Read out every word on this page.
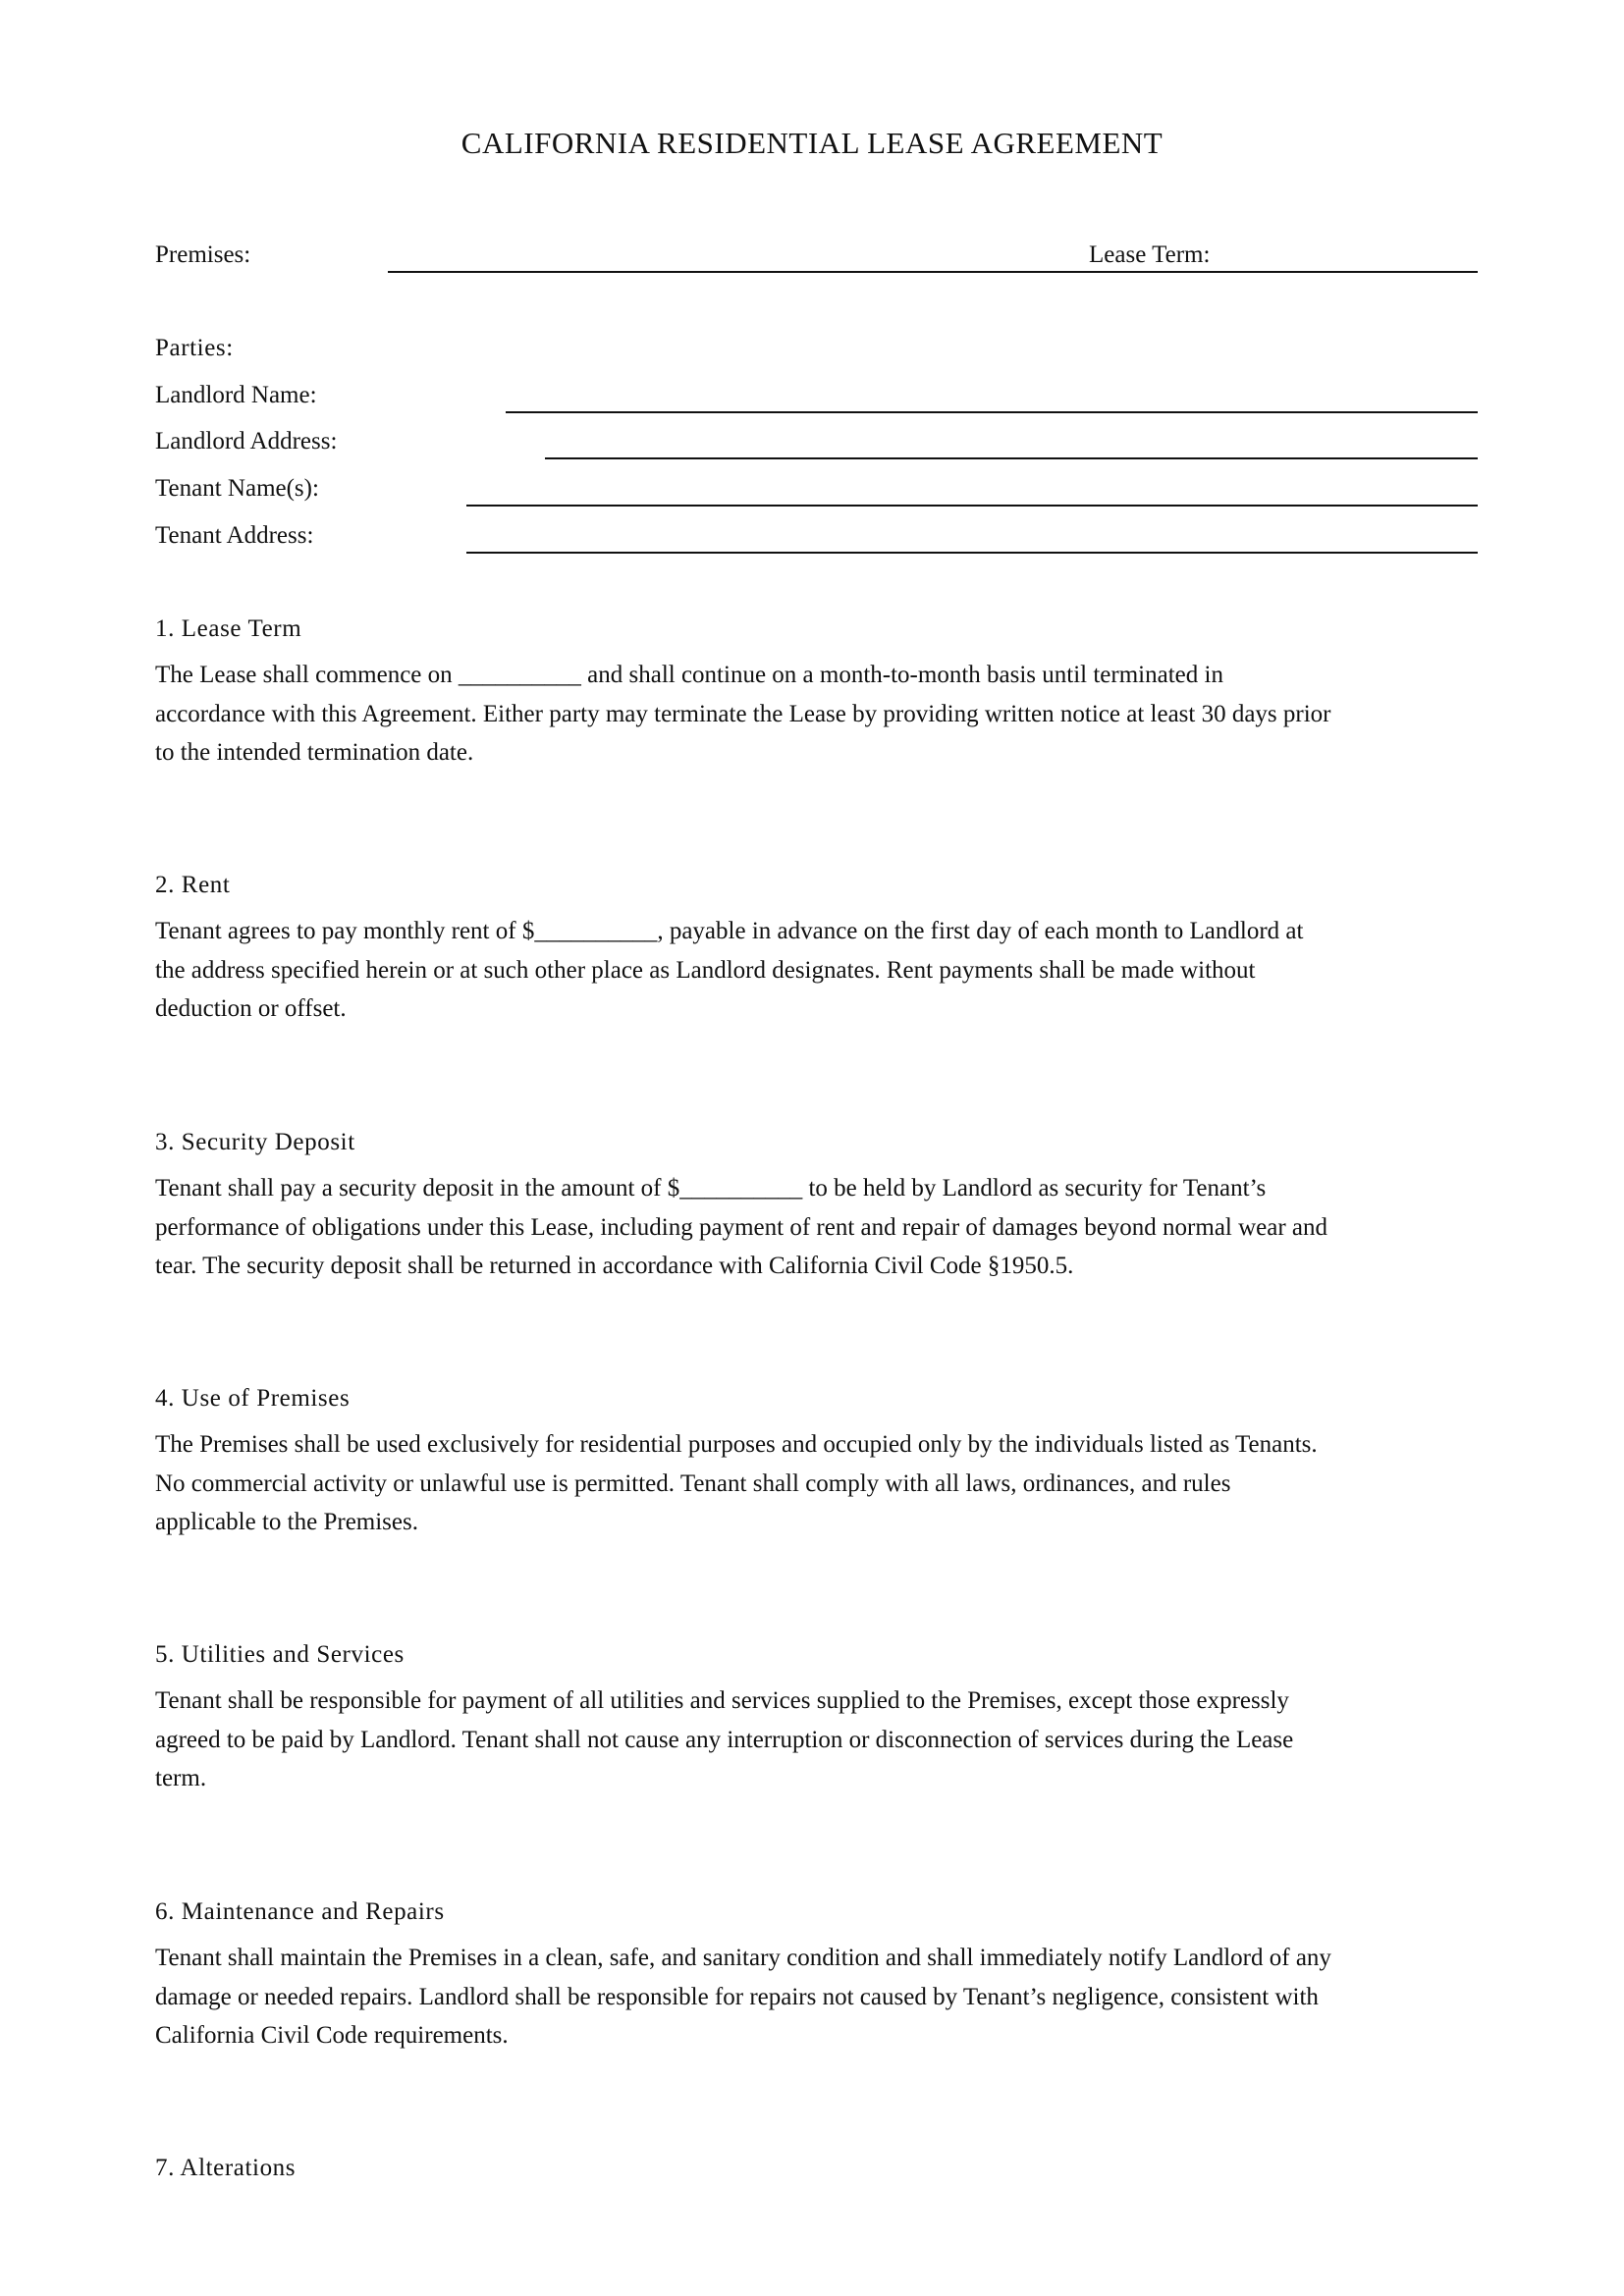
CALIFORNIA RESIDENTIAL LEASE AGREEMENT
Premises:	Lease Term:
Parties:
Landlord Name:
Landlord Address:
Tenant Name(s):
Tenant Address:
1. Lease Term
The Lease shall commence on __________ and shall continue on a month-to-month basis until terminated in
accordance with this Agreement. Either party may terminate the Lease by providing written notice at least 30 days prior
to the intended termination date.
2. Rent
Tenant agrees to pay monthly rent of $__________, payable in advance on the first day of each month to Landlord at
the address specified herein or at such other place as Landlord designates. Rent payments shall be made without
deduction or offset.
3. Security Deposit
Tenant shall pay a security deposit in the amount of $__________ to be held by Landlord as security for Tenant’s
performance of obligations under this Lease, including payment of rent and repair of damages beyond normal wear and
tear. The security deposit shall be returned in accordance with California Civil Code §1950.5.
4. Use of Premises
The Premises shall be used exclusively for residential purposes and occupied only by the individuals listed as Tenants.
No commercial activity or unlawful use is permitted. Tenant shall comply with all laws, ordinances, and rules
applicable to the Premises.
5. Utilities and Services
Tenant shall be responsible for payment of all utilities and services supplied to the Premises, except those expressly
agreed to be paid by Landlord. Tenant shall not cause any interruption or disconnection of services during the Lease
term.
6. Maintenance and Repairs
Tenant shall maintain the Premises in a clean, safe, and sanitary condition and shall immediately notify Landlord of any
damage or needed repairs. Landlord shall be responsible for repairs not caused by Tenant’s negligence, consistent with
California Civil Code requirements.
7. Alterations
